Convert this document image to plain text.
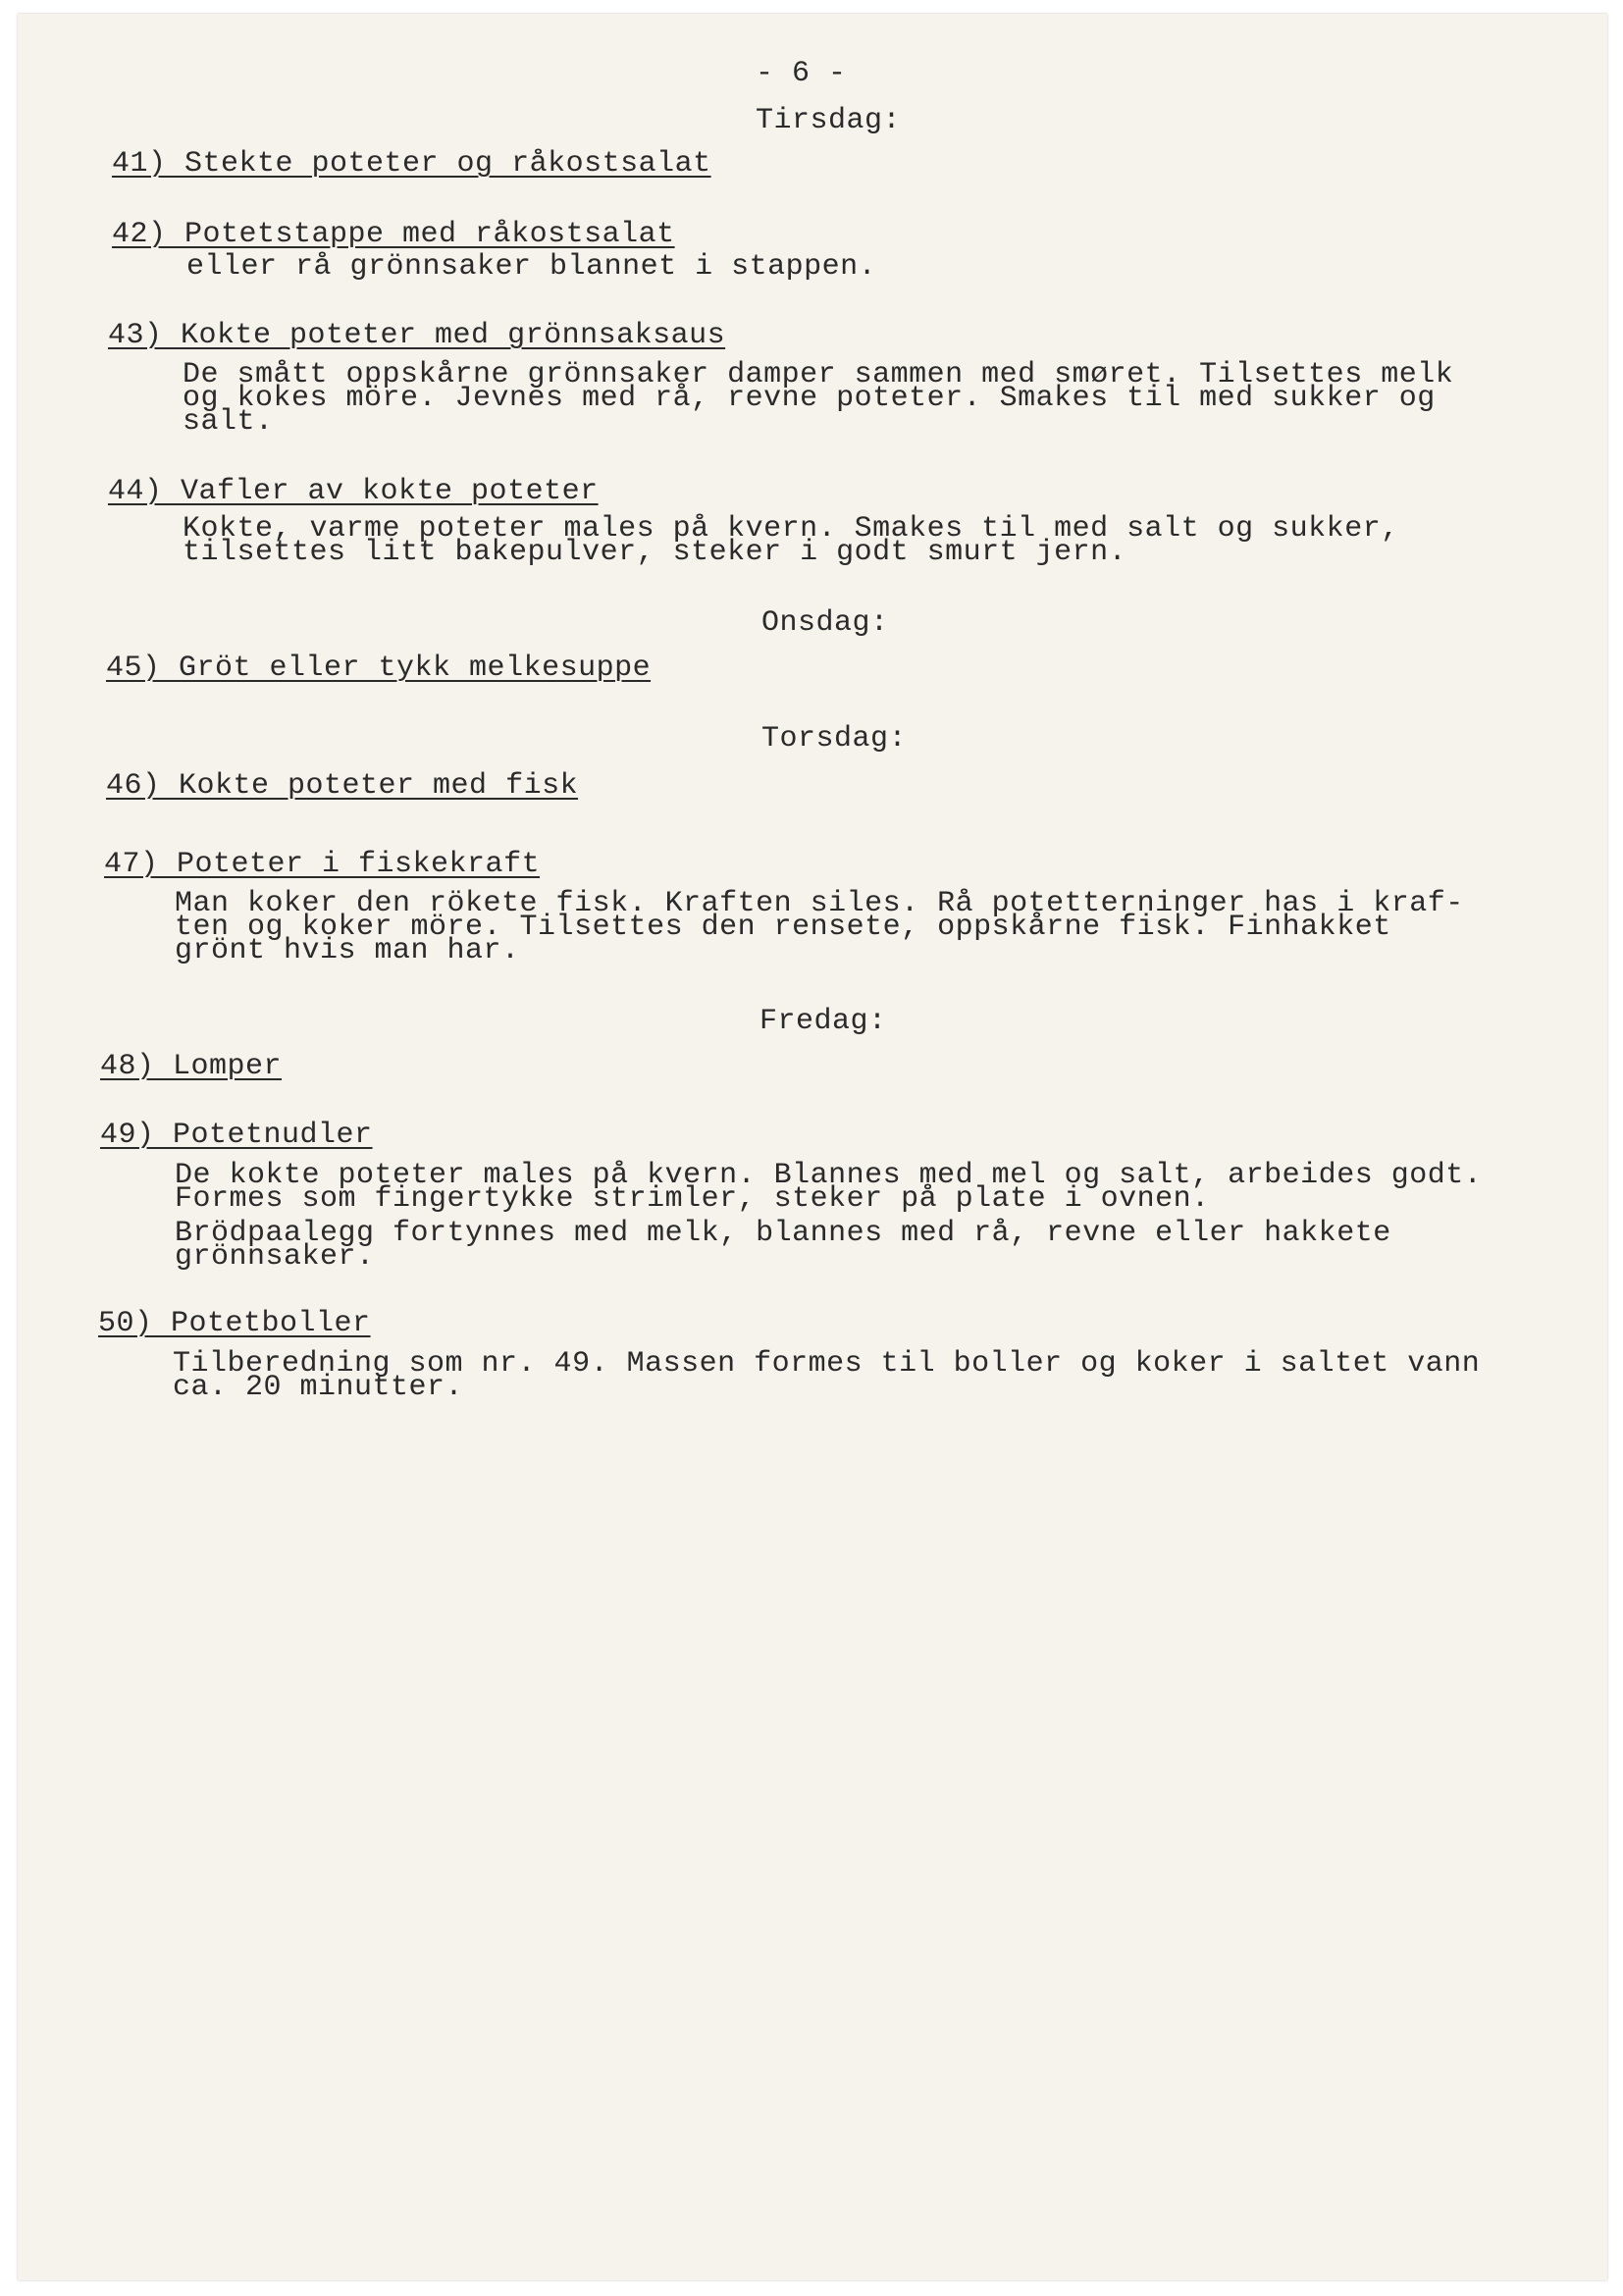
- 6 -
Tirsdag:
41) Stekte poteter og råkostsalat
42) Potetstappe med råkostsalat
eller rå grönnsaker blannet i stappen.
43) Kokte poteter med grönnsaksaus
De smått oppskårne grönnsaker damper sammen med smøret. Tilsettes melk
og kokes möre. Jevnes med rå, revne poteter. Smakes til med sukker og
salt.
44) Vafler av kokte poteter
Kokte, varme poteter males på kvern. Smakes til med salt og sukker,
tilsettes litt bakepulver, steker i godt smurt jern.
Onsdag:
45) Gröt eller tykk melkesuppe
Torsdag:
46) Kokte poteter med fisk
47) Poteter i fiskekraft
Man koker den rökete fisk. Kraften siles. Rå potetterninger has i kraf-
ten og koker möre. Tilsettes den rensete, oppskårne fisk. Finhakket
grönt hvis man har.
Fredag:
48) Lomper
49) Potetnudler
De kokte poteter males på kvern. Blannes med mel og salt, arbeides godt.
Formes som fingertykke strimler, steker på plate i ovnen.
Brödpaalegg fortynnes med melk, blannes med rå, revne eller hakkete
grönnsaker.
50) Potetboller
Tilberedning som nr. 49. Massen formes til boller og koker i saltet vann
ca. 20 minutter.
